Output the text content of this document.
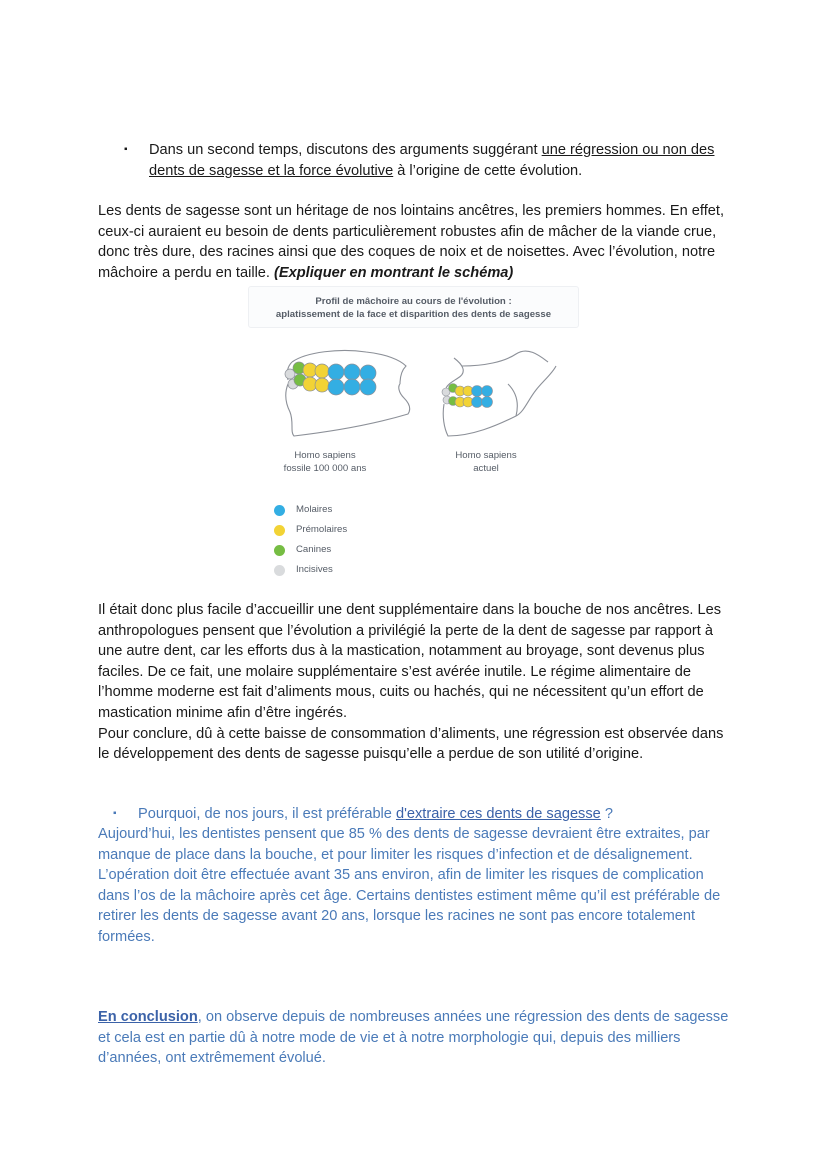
▪ Dans un second temps, discutons des arguments suggérant une régression ou non des dents de sagesse et la force évolutive à l’origine de cette évolution.

Les dents de sagesse sont un héritage de nos lointains ancêtres, les premiers hommes. En effet, ceux-ci auraient eu besoin de dents particulièrement robustes afin de mâcher de la viande crue, donc très dure, des racines ainsi que des coques de noix et de noisettes. Avec l’évolution, notre mâchoire a perdu en taille. (Expliquer en montrant le schéma)

Profil de mâchoire au cours de l'évolution :
aplatissement de la face et disparition des dents de sagesse
Homo sapiens
fossile 100 000 ans
Homo sapiens
actuel
Molaires
Prémolaires
Canines
Incisives

Il était donc plus facile d’accueillir une dent supplémentaire dans la bouche de nos ancêtres. Les anthropologues pensent que l’évolution a privilégié la perte de la dent de sagesse par rapport à une autre dent, car les efforts dus à la mastication, notamment au broyage, sont devenus plus faciles. De ce fait, une molaire supplémentaire s’est avérée inutile. Le régime alimentaire de l’homme moderne est fait d’aliments mous, cuits ou hachés, qui ne nécessitent qu’un effort de mastication minime afin d’être ingérés.

Pour conclure, dû à cette baisse de consommation d’aliments, une régression est observée dans le développement des dents de sagesse puisqu’elle a perdue de son utilité d’origine.

▪ Pourquoi, de nos jours, il est préférable d'extraire ces dents de sagesse ?

Aujourd’hui, les dentistes pensent que 85 % des dents de sagesse devraient être extraites, par manque de place dans la bouche, et pour limiter les risques d’infection et de désalignement. L’opération doit être effectuée avant 35 ans environ, afin de limiter les risques de complication dans l’os de la mâchoire après cet âge. Certains dentistes estiment même qu’il est préférable de retirer les dents de sagesse avant 20 ans, lorsque les racines ne sont pas encore totalement formées.

En conclusion, on observe depuis de nombreuses années une régression des dents de sagesse et cela est en partie dû à notre mode de vie et à notre morphologie qui, depuis des milliers d’années, ont extrêmement évolué.
